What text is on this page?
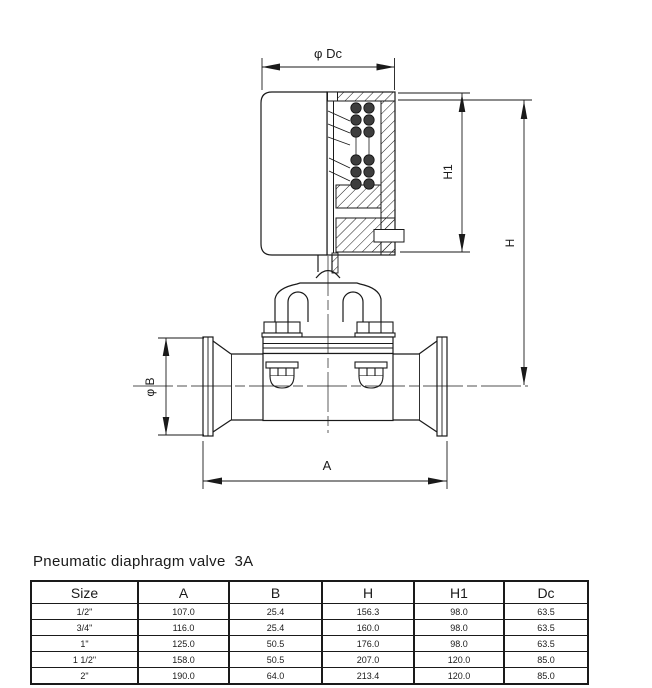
φ Dc
H1
H
φ B
A
Pneumatic diaphragm valve  3A
Size	A	B	H	H1	Dc
1/2"	107.0	25.4	156.3	98.0	63.5
3/4"	116.0	25.4	160.0	98.0	63.5
1"	125.0	50.5	176.0	98.0	63.5
1 1/2"	158.0	50.5	207.0	120.0	85.0
2"	190.0	64.0	213.4	120.0	85.0
